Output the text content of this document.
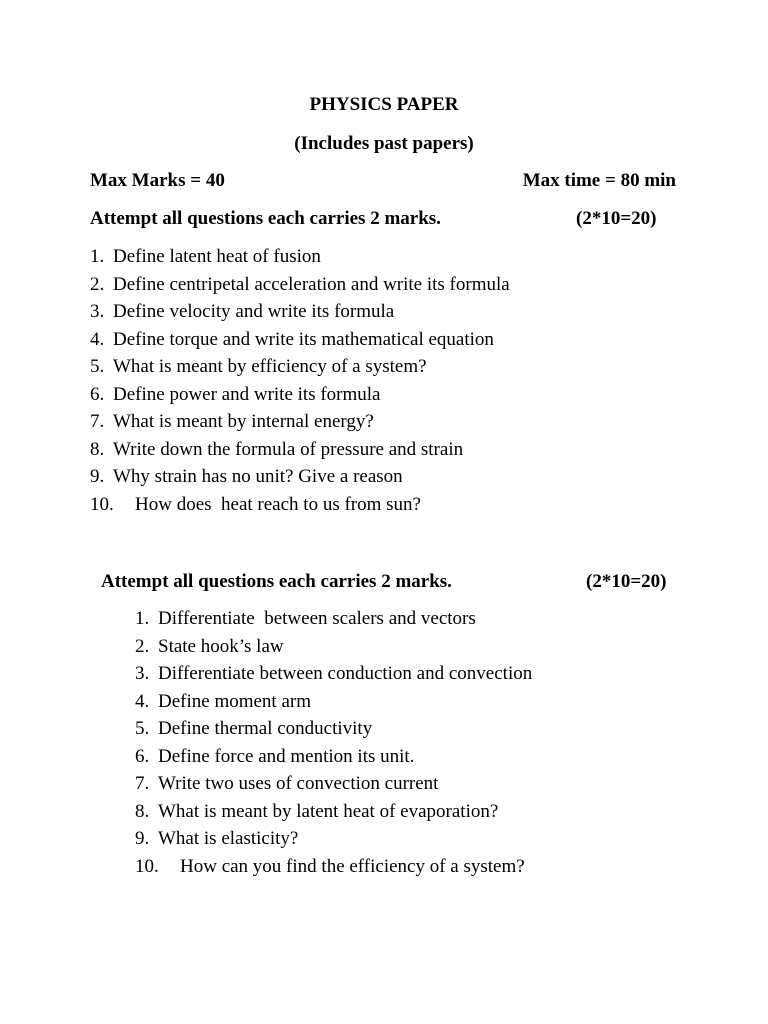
PHYSICS PAPER
(Includes past papers)
Max Marks = 40	Max time = 80 min
Attempt all questions each carries 2 marks.	(2*10=20)
1. Define latent heat of fusion
2. Define centripetal acceleration and write its formula
3. Define velocity and write its formula
4. Define torque and write its mathematical equation
5. What is meant by efficiency of a system?
6. Define power and write its formula
7. What is meant by internal energy?
8. Write down the formula of pressure and strain
9. Why strain has no unit? Give a reason
10. How does  heat reach to us from sun?
Attempt all questions each carries 2 marks.	(2*10=20)
1. Differentiate  between scalers and vectors
2. State hook’s law
3. Differentiate between conduction and convection
4. Define moment arm
5. Define thermal conductivity
6. Define force and mention its unit.
7. Write two uses of convection current
8. What is meant by latent heat of evaporation?
9. What is elasticity?
10. How can you find the efficiency of a system?
